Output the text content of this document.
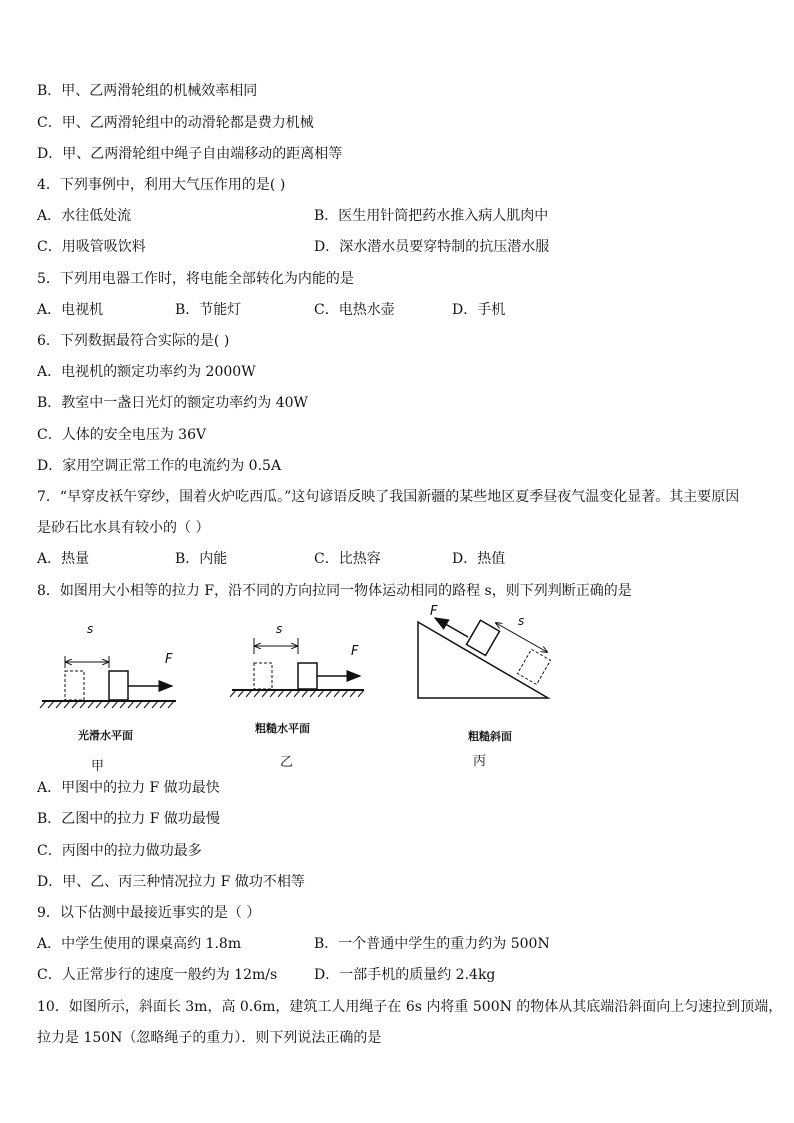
B．甲、乙两滑轮组的机械效率相同
C．甲、乙两滑轮组中的动滑轮都是费力机械
D．甲、乙两滑轮组中绳子自由端移动的距离相等
4．下列事例中，利用大气压作用的是( )
A．水往低处流	B．医生用针筒把药水推入病人肌肉中
C．用吸管吸饮料	D．深水潜水员要穿特制的抗压潜水服
5．下列用电器工作时，将电能全部转化为内能的是
A．电视机	B．节能灯	C．电热水壶	D．手机
6．下列数据最符合实际的是( )
A．电视机的额定功率约为 2000W
B．教室中一盏日光灯的额定功率约为 40W
C．人体的安全电压为 36V
D．家用空调正常工作的电流约为 0.5A
7．“早穿皮袄午穿纱，围着火炉吃西瓜。”这句谚语反映了我国新疆的某些地区夏季昼夜气温变化显著。其主要原因
是砂石比水具有较小的（ ）
A．热量	B．内能	C．比热容	D．热值
8．如图用大小相等的拉力 F，沿不同的方向拉同一物体运动相同的路程 s，则下列判断正确的是
s
F
s
F
F
s
光滑水平面
粗糙水平面
粗糙斜面
甲	乙	丙
A．甲图中的拉力 F 做功最快
B．乙图中的拉力 F 做功最慢
C．丙图中的拉力做功最多
D．甲、乙、丙三种情况拉力 F 做功不相等
9．以下估测中最接近事实的是（ ）
A．中学生使用的课桌高约 1.8m	B．一个普通中学生的重力约为 500N
C．人正常步行的速度一般约为 12m/s	D．一部手机的质量约 2.4kg
10．如图所示，斜面长 3m，高 0.6m，建筑工人用绳子在 6s 内将重 500N 的物体从其底端沿斜面向上匀速拉到顶端，
拉力是 150N（忽略绳子的重力）．则下列说法正确的是
